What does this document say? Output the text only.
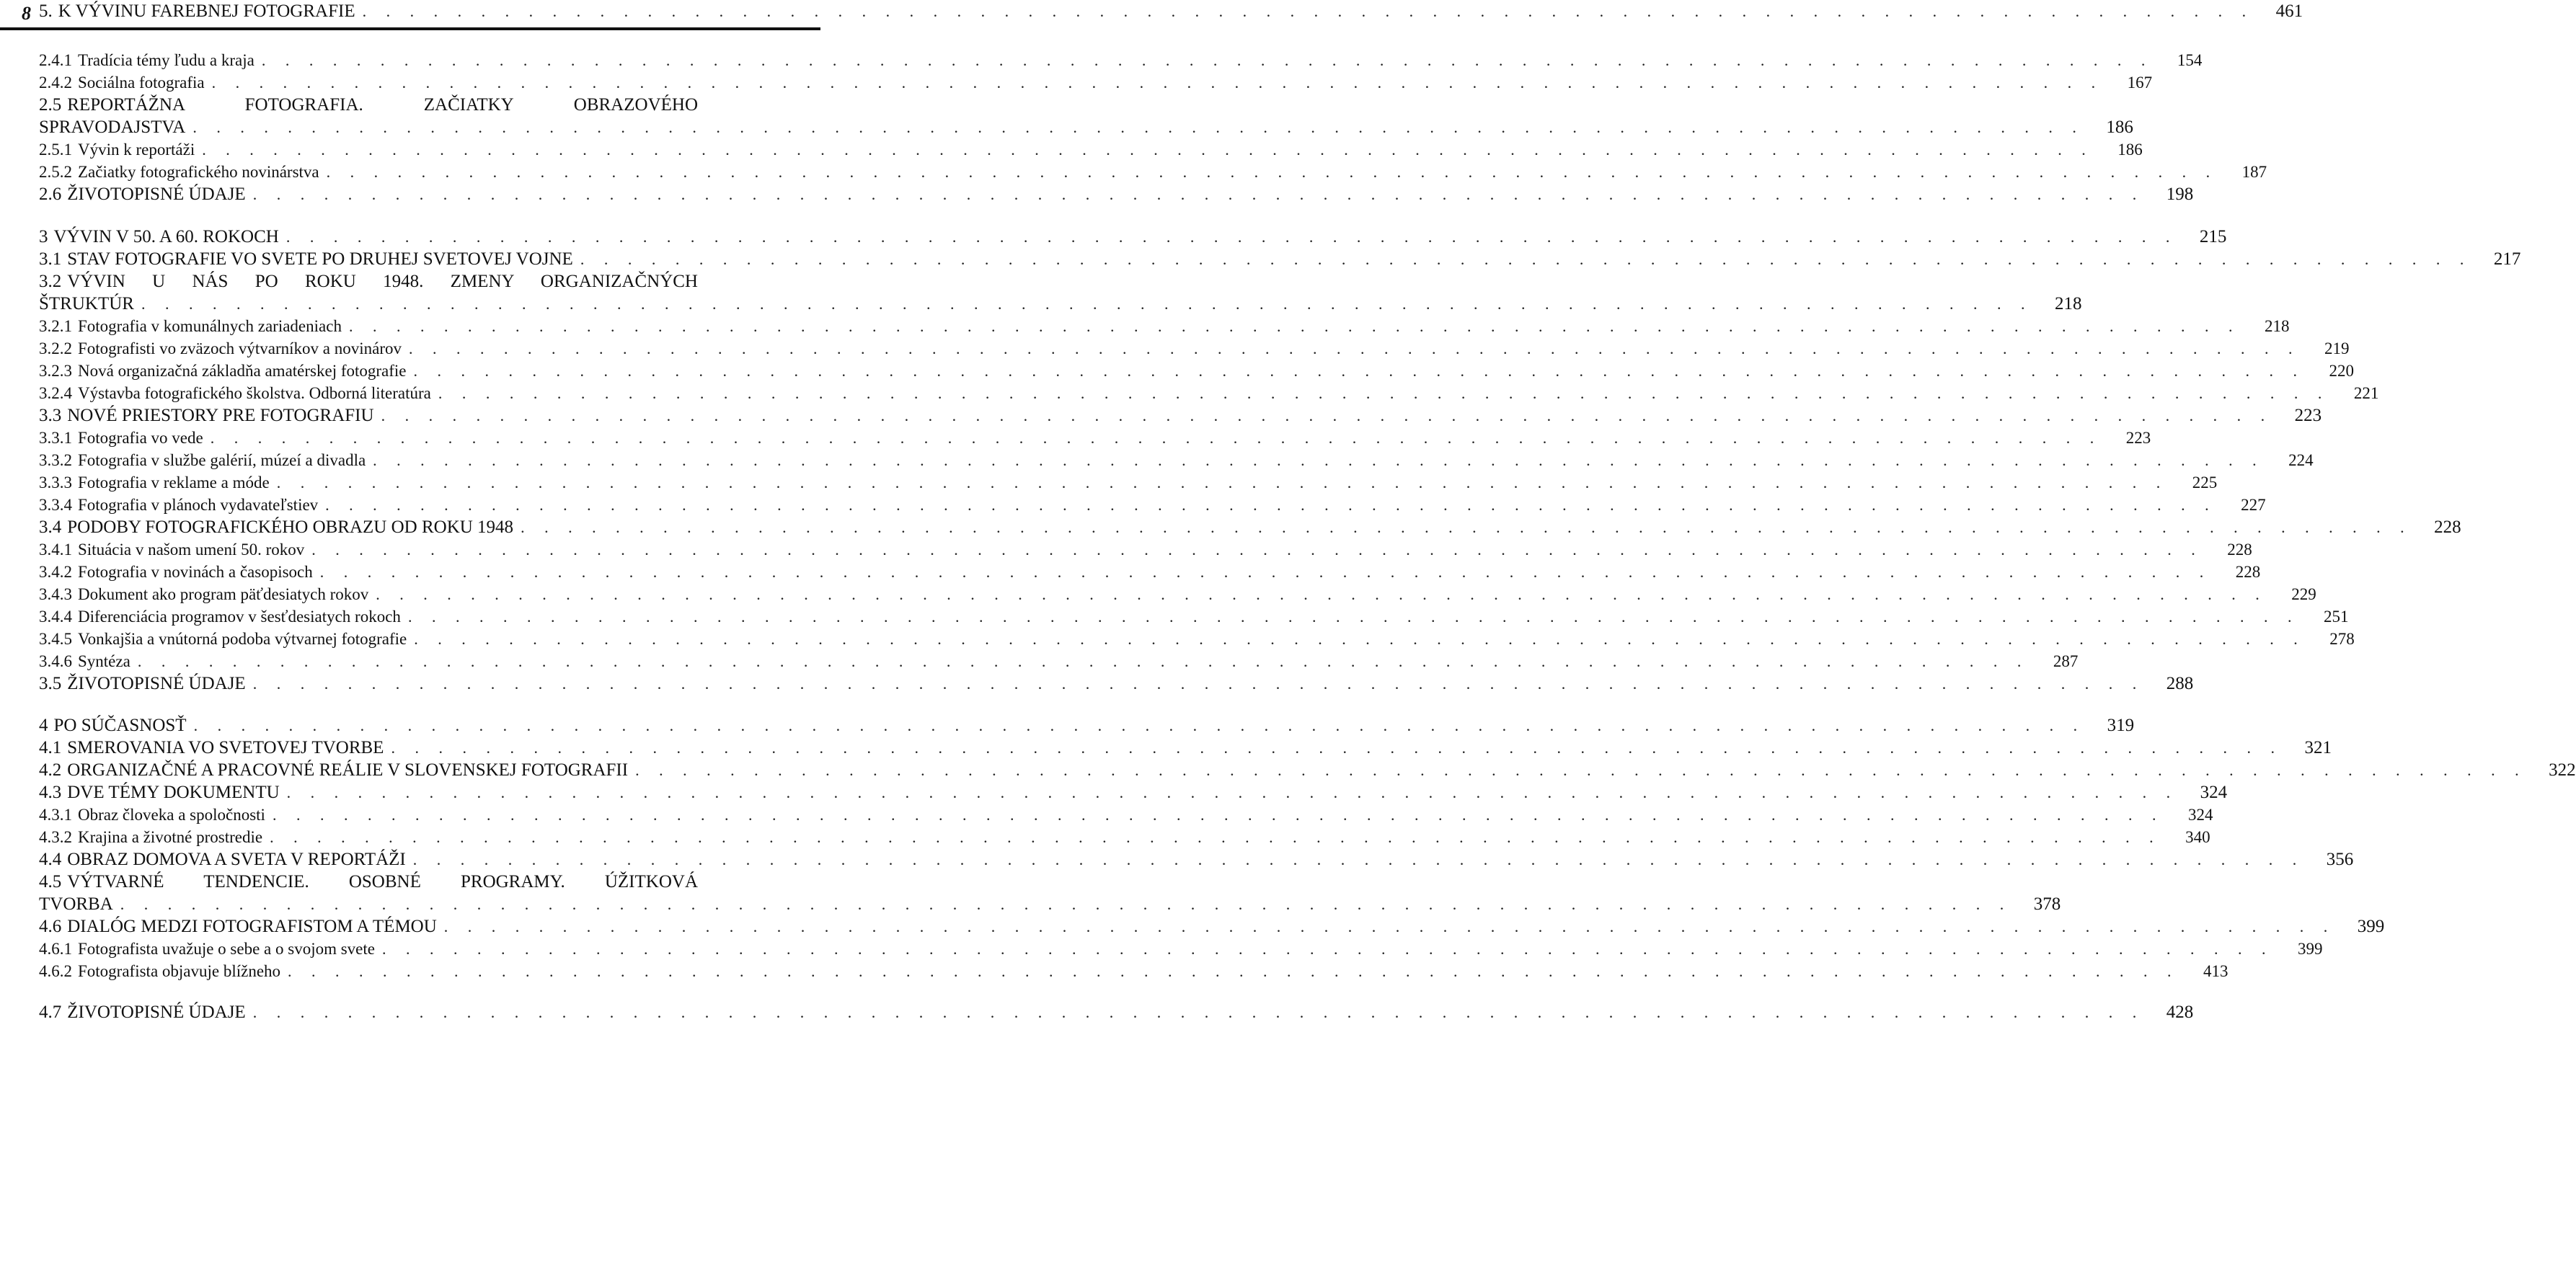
8
2.4.1 Tradícia témy ľudu a kraja . . . . . . . . . . . . . . . . . . . . . . . . . . . . . . . . . . . . . . . . . . . . . . . . . . . . . . . . . . . . . . . . . . . . . . . . . . . . . . . .	154
2.4.2 Sociálna fotografia . . . . . . . . . . . . . . . . . . . . . . . . . . . . . . . . . . . . . . . . . . . . . . . . . . . . . . . . . . . . . . . . . . . . . . . . . . . . . . . .	167
2.5 REPORTÁŽNA FOTOGRAFIA. ZAČIATKY OBRAZOVÉHO
SPRAVODAJSTVA . . . . . . . . . . . . . . . . . . . . . . . . . . . . . . . . . . . . . . . . . . . . . . . . . . . . . . . . . . . . . . . . . . . . . . . . . . . . . . . .	186
2.5.1 Vývin k reportáži . . . . . . . . . . . . . . . . . . . . . . . . . . . . . . . . . . . . . . . . . . . . . . . . . . . . . . . . . . . . . . . . . . . . . . . . . . . . . . . .	186
2.5.2 Začiatky fotografického novinárstva . . . . . . . . . . . . . . . . . . . . . . . . . . . . . . . . . . . . . . . . . . . . . . . . . . . . . . . . . . . . . . . . . . . . . . . . . . . . . . . .	187
2.6 ŽIVOTOPISNÉ ÚDAJE . . . . . . . . . . . . . . . . . . . . . . . . . . . . . . . . . . . . . . . . . . . . . . . . . . . . . . . . . . . . . . . . . . . . . . . . . . . . . . . .	198
3 VÝVIN V 50. A 60. ROKOCH . . . . . . . . . . . . . . . . . . . . . . . . . . . . . . . . . . . . . . . . . . . . . . . . . . . . . . . . . . . . . . . . . . . . . . . . . . . . . . . .	215
3.1 STAV FOTOGRAFIE VO SVETE PO DRUHEJ SVETOVEJ VOJNE . . . . . . . . . . . . . . . . . . . . . . . . . . . . . . . . . . . . . . . . . . . . . . . . . . . . . . . . . . . . . . . . . . . . . . . . . . . . . . . .	217
3.2 VÝVIN U NÁS PO ROKU 1948. ZMENY ORGANIZAČNÝCH
ŠTRUKTÚR . . . . . . . . . . . . . . . . . . . . . . . . . . . . . . . . . . . . . . . . . . . . . . . . . . . . . . . . . . . . . . . . . . . . . . . . . . . . . . . .	218
3.2.1 Fotografia v komunálnych zariadeniach . . . . . . . . . . . . . . . . . . . . . . . . . . . . . . . . . . . . . . . . . . . . . . . . . . . . . . . . . . . . . . . . . . . . . . . . . . . . . . . .	218
3.2.2 Fotografisti vo zväzoch výtvarníkov a novinárov . . . . . . . . . . . . . . . . . . . . . . . . . . . . . . . . . . . . . . . . . . . . . . . . . . . . . . . . . . . . . . . . . . . . . . . . . . . . . . . .	219
3.2.3 Nová organizačná základňa amatérskej fotografie . . . . . . . . . . . . . . . . . . . . . . . . . . . . . . . . . . . . . . . . . . . . . . . . . . . . . . . . . . . . . . . . . . . . . . . . . . . . . . . .	220
3.2.4 Výstavba fotografického školstva. Odborná literatúra . . . . . . . . . . . . . . . . . . . . . . . . . . . . . . . . . . . . . . . . . . . . . . . . . . . . . . . . . . . . . . . . . . . . . . . . . . . . . . . .	221
3.3 NOVÉ PRIESTORY PRE FOTOGRAFIU . . . . . . . . . . . . . . . . . . . . . . . . . . . . . . . . . . . . . . . . . . . . . . . . . . . . . . . . . . . . . . . . . . . . . . . . . . . . . . . .	223
3.3.1 Fotografia vo vede . . . . . . . . . . . . . . . . . . . . . . . . . . . . . . . . . . . . . . . . . . . . . . . . . . . . . . . . . . . . . . . . . . . . . . . . . . . . . . . .	223
3.3.2 Fotografia v službe galérií, múzeí a divadla . . . . . . . . . . . . . . . . . . . . . . . . . . . . . . . . . . . . . . . . . . . . . . . . . . . . . . . . . . . . . . . . . . . . . . . . . . . . . . . .	224
3.3.3 Fotografia v reklame a móde . . . . . . . . . . . . . . . . . . . . . . . . . . . . . . . . . . . . . . . . . . . . . . . . . . . . . . . . . . . . . . . . . . . . . . . . . . . . . . . .	225
3.3.4 Fotografia v plánoch vydavateľstiev . . . . . . . . . . . . . . . . . . . . . . . . . . . . . . . . . . . . . . . . . . . . . . . . . . . . . . . . . . . . . . . . . . . . . . . . . . . . . . . .	227
3.4 PODOBY FOTOGRAFICKÉHO OBRAZU OD ROKU 1948 . . . . . . . . . . . . . . . . . . . . . . . . . . . . . . . . . . . . . . . . . . . . . . . . . . . . . . . . . . . . . . . . . . . . . . . . . . . . . . . .	228
3.4.1 Situácia v našom umení 50. rokov . . . . . . . . . . . . . . . . . . . . . . . . . . . . . . . . . . . . . . . . . . . . . . . . . . . . . . . . . . . . . . . . . . . . . . . . . . . . . . . .	228
3.4.2 Fotografia v novinách a časopisoch . . . . . . . . . . . . . . . . . . . . . . . . . . . . . . . . . . . . . . . . . . . . . . . . . . . . . . . . . . . . . . . . . . . . . . . . . . . . . . . .	228
3.4.3 Dokument ako program päťdesiatych rokov . . . . . . . . . . . . . . . . . . . . . . . . . . . . . . . . . . . . . . . . . . . . . . . . . . . . . . . . . . . . . . . . . . . . . . . . . . . . . . . .	229
3.4.4 Diferenciácia programov v šesťdesiatych rokoch . . . . . . . . . . . . . . . . . . . . . . . . . . . . . . . . . . . . . . . . . . . . . . . . . . . . . . . . . . . . . . . . . . . . . . . . . . . . . . . .	251
3.4.5 Vonkajšia a vnútorná podoba výtvarnej fotografie . . . . . . . . . . . . . . . . . . . . . . . . . . . . . . . . . . . . . . . . . . . . . . . . . . . . . . . . . . . . . . . . . . . . . . . . . . . . . . . .	278
3.4.6 Syntéza . . . . . . . . . . . . . . . . . . . . . . . . . . . . . . . . . . . . . . . . . . . . . . . . . . . . . . . . . . . . . . . . . . . . . . . . . . . . . . . .	287
3.5 ŽIVOTOPISNÉ ÚDAJE . . . . . . . . . . . . . . . . . . . . . . . . . . . . . . . . . . . . . . . . . . . . . . . . . . . . . . . . . . . . . . . . . . . . . . . . . . . . . . . .	288
4 PO SÚČASNOSŤ . . . . . . . . . . . . . . . . . . . . . . . . . . . . . . . . . . . . . . . . . . . . . . . . . . . . . . . . . . . . . . . . . . . . . . . . . . . . . . . .	319
4.1 SMEROVANIA VO SVETOVEJ TVORBE . . . . . . . . . . . . . . . . . . . . . . . . . . . . . . . . . . . . . . . . . . . . . . . . . . . . . . . . . . . . . . . . . . . . . . . . . . . . . . . .	321
4.2 ORGANIZAČNÉ A PRACOVNÉ REÁLIE V SLOVENSKEJ FOTOGRAFII . . . . . . . . . . . . . . . . . . . . . . . . . . . . . . . . . . . . . . . . . . . . . . . . . . . . . . . . . . . . . . . . . . . . . . . . . . . . . . . .	322
4.3 DVE TÉMY DOKUMENTU . . . . . . . . . . . . . . . . . . . . . . . . . . . . . . . . . . . . . . . . . . . . . . . . . . . . . . . . . . . . . . . . . . . . . . . . . . . . . . . .	324
4.3.1 Obraz človeka a spoločnosti . . . . . . . . . . . . . . . . . . . . . . . . . . . . . . . . . . . . . . . . . . . . . . . . . . . . . . . . . . . . . . . . . . . . . . . . . . . . . . . .	324
4.3.2 Krajina a životné prostredie . . . . . . . . . . . . . . . . . . . . . . . . . . . . . . . . . . . . . . . . . . . . . . . . . . . . . . . . . . . . . . . . . . . . . . . . . . . . . . . .	340
4.4 OBRAZ DOMOVA A SVETA V REPORTÁŽI . . . . . . . . . . . . . . . . . . . . . . . . . . . . . . . . . . . . . . . . . . . . . . . . . . . . . . . . . . . . . . . . . . . . . . . . . . . . . . . .	356
4.5 VÝTVARNÉ TENDENCIE. OSOBNÉ PROGRAMY. ÚŽITKOVÁ
TVORBA . . . . . . . . . . . . . . . . . . . . . . . . . . . . . . . . . . . . . . . . . . . . . . . . . . . . . . . . . . . . . . . . . . . . . . . . . . . . . . . .	378
4.6 DIALÓG MEDZI FOTOGRAFISTOM A TÉMOU . . . . . . . . . . . . . . . . . . . . . . . . . . . . . . . . . . . . . . . . . . . . . . . . . . . . . . . . . . . . . . . . . . . . . . . . . . . . . . . .	399
4.6.1 Fotografista uvažuje o sebe a o svojom svete . . . . . . . . . . . . . . . . . . . . . . . . . . . . . . . . . . . . . . . . . . . . . . . . . . . . . . . . . . . . . . . . . . . . . . . . . . . . . . . .	399
4.6.2 Fotografista objavuje blížneho . . . . . . . . . . . . . . . . . . . . . . . . . . . . . . . . . . . . . . . . . . . . . . . . . . . . . . . . . . . . . . . . . . . . . . . . . . . . . . . .	413
4.7 ŽIVOTOPISNÉ ÚDAJE . . . . . . . . . . . . . . . . . . . . . . . . . . . . . . . . . . . . . . . . . . . . . . . . . . . . . . . . . . . . . . . . . . . . . . . . . . . . . . . .	428
5. K VÝVINU FAREBNEJ FOTOGRAFIE . . . . . . . . . . . . . . . . . . . . . . . . . . . . . . . . . . . . . . . . . . . . . . . . . . . . . . . . . . . . . . . . . . . . . . . . . . . . . . . .	461
